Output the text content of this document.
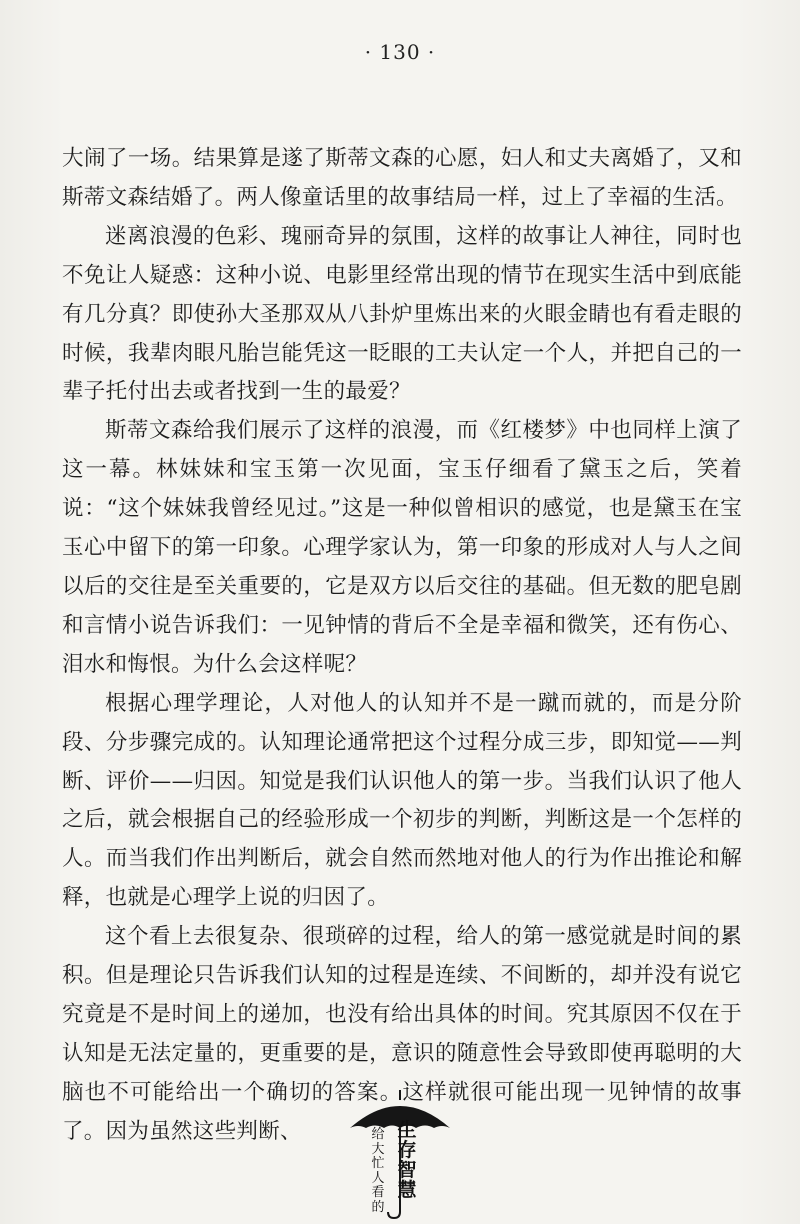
· 130 ·

大闹了一场。结果算是遂了斯蒂文森的心愿，妇人和丈夫离婚了，又和斯蒂文森结婚了。两人像童话里的故事结局一样，过上了幸福的生活。

迷离浪漫的色彩、瑰丽奇异的氛围，这样的故事让人神往，同时也不免让人疑惑：这种小说、电影里经常出现的情节在现实生活中到底能有几分真？即使孙大圣那双从八卦炉里炼出来的火眼金睛也有看走眼的时候，我辈肉眼凡胎岂能凭这一眨眼的工夫认定一个人，并把自己的一辈子托付出去或者找到一生的最爱？

斯蒂文森给我们展示了这样的浪漫，而《红楼梦》中也同样上演了这一幕。林妹妹和宝玉第一次见面，宝玉仔细看了黛玉之后，笑着说：“这个妹妹我曾经见过。”这是一种似曾相识的感觉，也是黛玉在宝玉心中留下的第一印象。心理学家认为，第一印象的形成对人与人之间以后的交往是至关重要的，它是双方以后交往的基础。但无数的肥皂剧和言情小说告诉我们：一见钟情的背后不全是幸福和微笑，还有伤心、泪水和悔恨。为什么会这样呢？

根据心理学理论，人对他人的认知并不是一蹴而就的，而是分阶段、分步骤完成的。认知理论通常把这个过程分成三步，即知觉——判断、评价——归因。知觉是我们认识他人的第一步。当我们认识了他人之后，就会根据自己的经验形成一个初步的判断，判断这是一个怎样的人。而当我们作出判断后，就会自然而然地对他人的行为作出推论和解释，也就是心理学上说的归因了。

这个看上去很复杂、很琐碎的过程，给人的第一感觉就是时间的累积。但是理论只告诉我们认知的过程是连续、不间断的，却并没有说它究竟是不是时间上的递加，也没有给出具体的时间。究其原因不仅在于认知是无法定量的，更重要的是，意识的随意性会导致即使再聪明的大脑也不可能给出一个确切的答案。这样就很可能出现一见钟情的故事了。因为虽然这些判断、	生存智慧
给大忙人看的
